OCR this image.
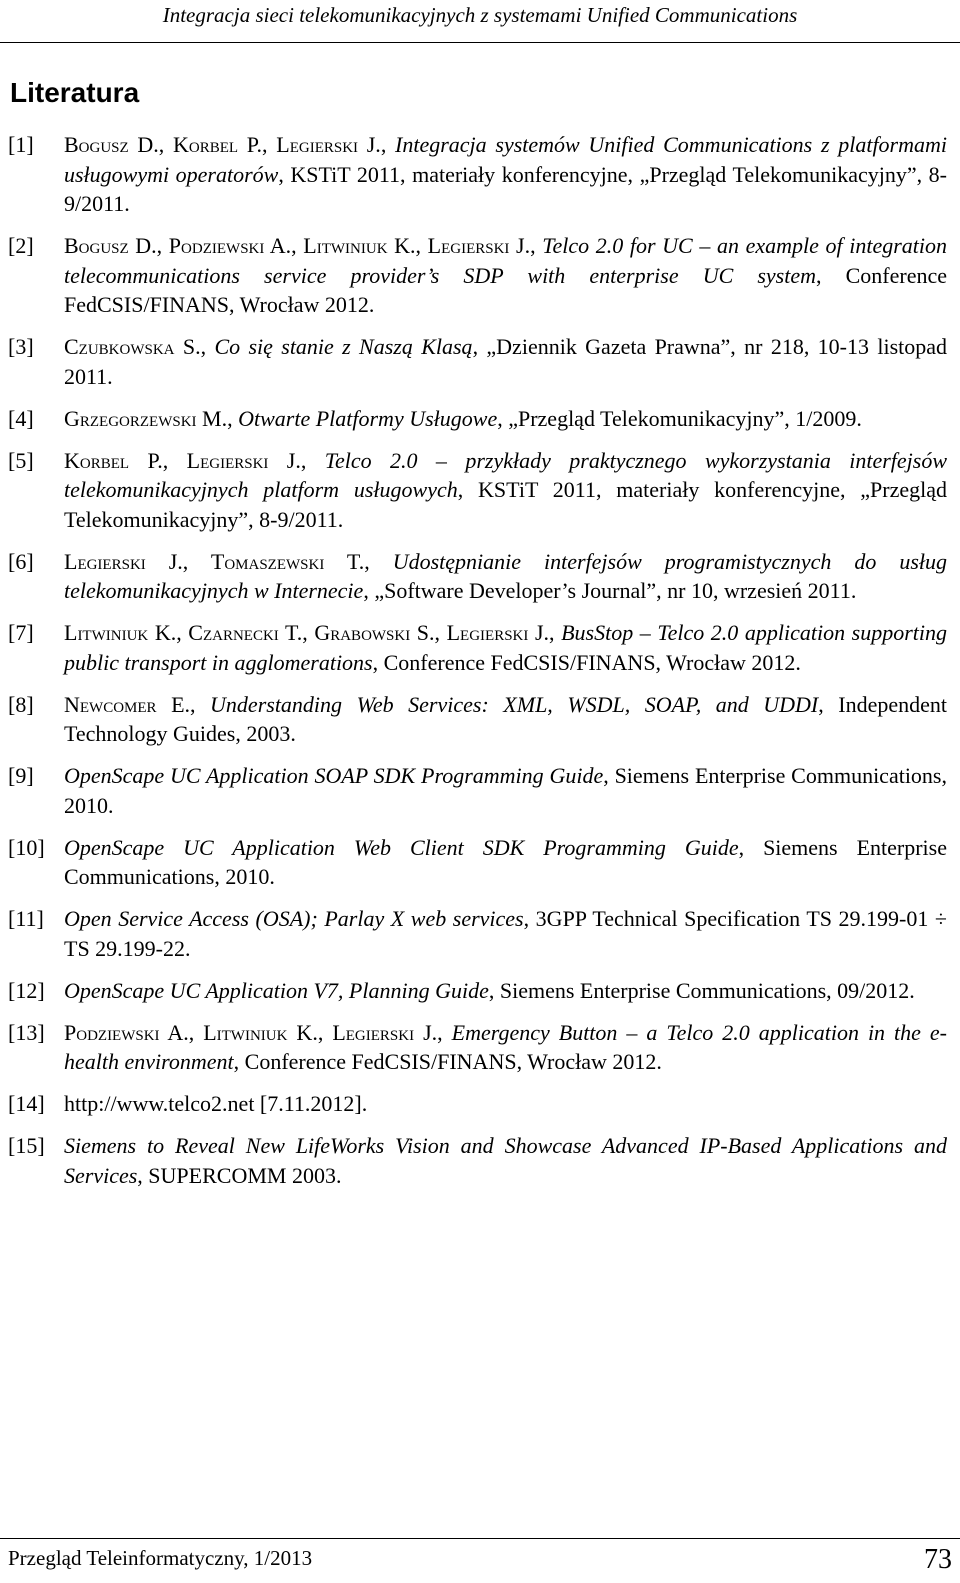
Integracja sieci telekomunikacyjnych z systemami Unified Communications
Literatura
[1] Bogusz D., Korbel P., Legierski J., Integracja systemów Unified Communications z platformami usługowymi operatorów, KSTiT 2011, materiały konferencyjne, „Przegląd Telekomunikacyjny”, 8-9/2011.
[2] Bogusz D., Podziewski A., Litwiniuk K., Legierski J., Telco 2.0 for UC – an example of integration telecommunications service provider’s SDP with enterprise UC system, Conference FedCSIS/FINANS, Wrocław 2012.
[3] Czubkowska S., Co się stanie z Naszą Klasą, „Dziennik Gazeta Prawna”, nr 218, 10-13 listopad 2011.
[4] Grzegorzewski M., Otwarte Platformy Usługowe, „Przegląd Telekomunikacyjny”, 1/2009.
[5] Korbel P., Legierski J., Telco 2.0 – przykłady praktycznego wykorzystania interfejsów telekomunikacyjnych platform usługowych, KSTiT 2011, materiały konferencyjne, „Przegląd Telekomunikacyjny”, 8-9/2011.
[6] Legierski J., Tomaszewski T., Udostępnianie interfejsów programistycznych do usług telekomunikacyjnych w Internecie, „Software Developer’s Journal”, nr 10, wrzesień 2011.
[7] Litwiniuk K., Czarnecki T., Grabowski S., Legierski J., BusStop – Telco 2.0 application supporting public transport in agglomerations, Conference FedCSIS/FINANS, Wrocław 2012.
[8] Newcomer E., Understanding Web Services: XML, WSDL, SOAP, and UDDI, Independent Technology Guides, 2003.
[9] OpenScape UC Application SOAP SDK Programming Guide, Siemens Enterprise Communications, 2010.
[10] OpenScape UC Application Web Client SDK Programming Guide, Siemens Enterprise Communications, 2010.
[11] Open Service Access (OSA); Parlay X web services, 3GPP Technical Specification TS 29.199-01 ÷ TS 29.199-22.
[12] OpenScape UC Application V7, Planning Guide, Siemens Enterprise Communications, 09/2012.
[13] Podziewski A., Litwiniuk K., Legierski J., Emergency Button – a Telco 2.0 application in the e-health environment, Conference FedCSIS/FINANS, Wrocław 2012.
[14] http://www.telco2.net [7.11.2012].
[15] Siemens to Reveal New LifeWorks Vision and Showcase Advanced IP-Based Applications and Services, SUPERCOMM 2003.
Przegląd Teleinformatyczny, 1/2013	73
